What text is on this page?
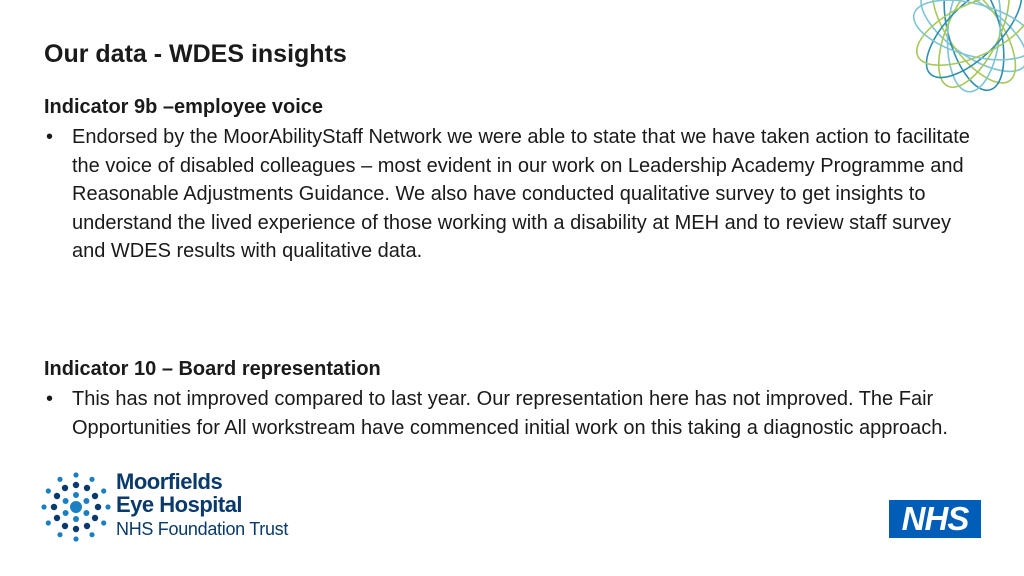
Our data - WDES insights
Indicator 9b –employee voice
• Endorsed by the MoorAbilityStaff Network we were able to state that we have taken action to facilitate the voice of disabled colleagues – most evident in our work on Leadership Academy Programme and Reasonable Adjustments Guidance. We also have conducted qualitative survey to get insights to understand the lived experience of those working with a disability at MEH and to review staff survey and WDES results with qualitative data.
Indicator 10 – Board representation
• This has not improved compared to last year. Our representation here has not improved. The Fair Opportunities for All workstream have commenced initial work on this taking a diagnostic approach.
Moorfields
Eye Hospital
NHS Foundation Trust	NHS
